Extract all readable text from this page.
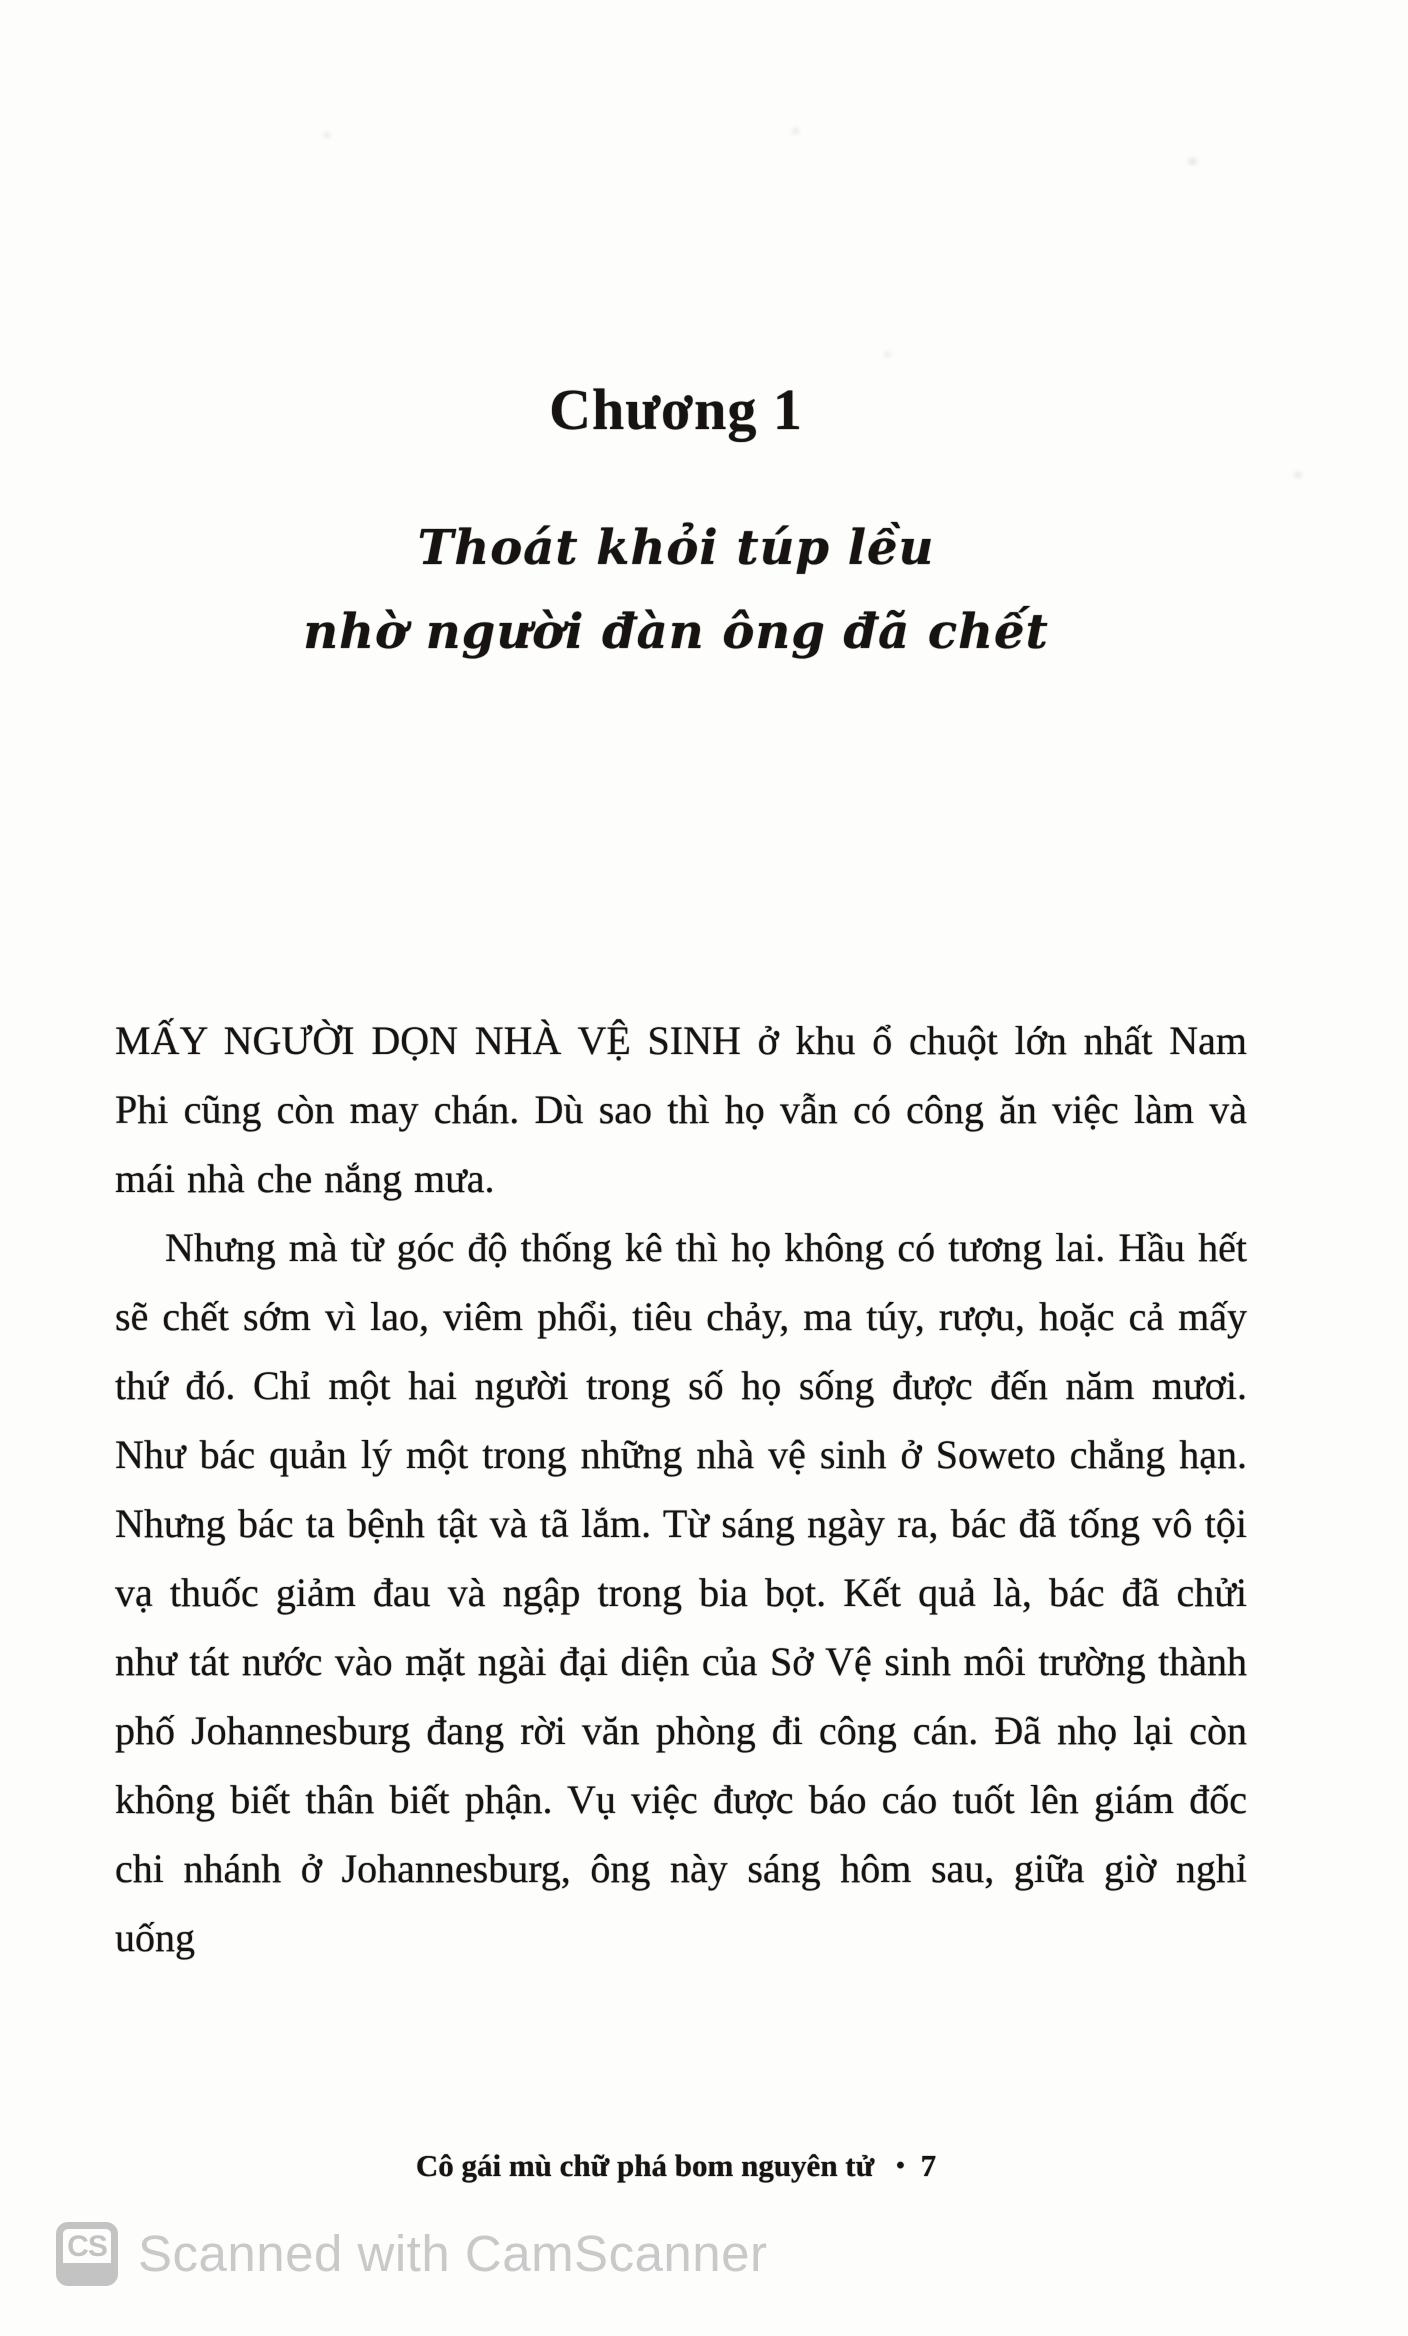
Chương 1
Thoát khỏi túp lều
nhờ người đàn ông đã chết

MẤY NGƯỜI DỌN NHÀ VỆ SINH ở khu ổ chuột lớn nhất Nam Phi cũng còn may chán. Dù sao thì họ vẫn có công ăn việc làm và mái nhà che nắng mưa.

Nhưng mà từ góc độ thống kê thì họ không có tương lai. Hầu hết sẽ chết sớm vì lao, viêm phổi, tiêu chảy, ma túy, rượu, hoặc cả mấy thứ đó. Chỉ một hai người trong số họ sống được đến năm mươi. Như bác quản lý một trong những nhà vệ sinh ở Soweto chẳng hạn. Nhưng bác ta bệnh tật và tã lắm. Từ sáng ngày ra, bác đã tống vô tội vạ thuốc giảm đau và ngập trong bia bọt. Kết quả là, bác đã chửi như tát nước vào mặt ngài đại diện của Sở Vệ sinh môi trường thành phố Johannesburg đang rời văn phòng đi công cán. Đã nhọ lại còn không biết thân biết phận. Vụ việc được báo cáo tuốt lên giám đốc chi nhánh ở Johannesburg, ông này sáng hôm sau, giữa giờ nghỉ uống

Cô gái mù chữ phá bom nguyên tử • 7
CS Scanned with CamScanner
